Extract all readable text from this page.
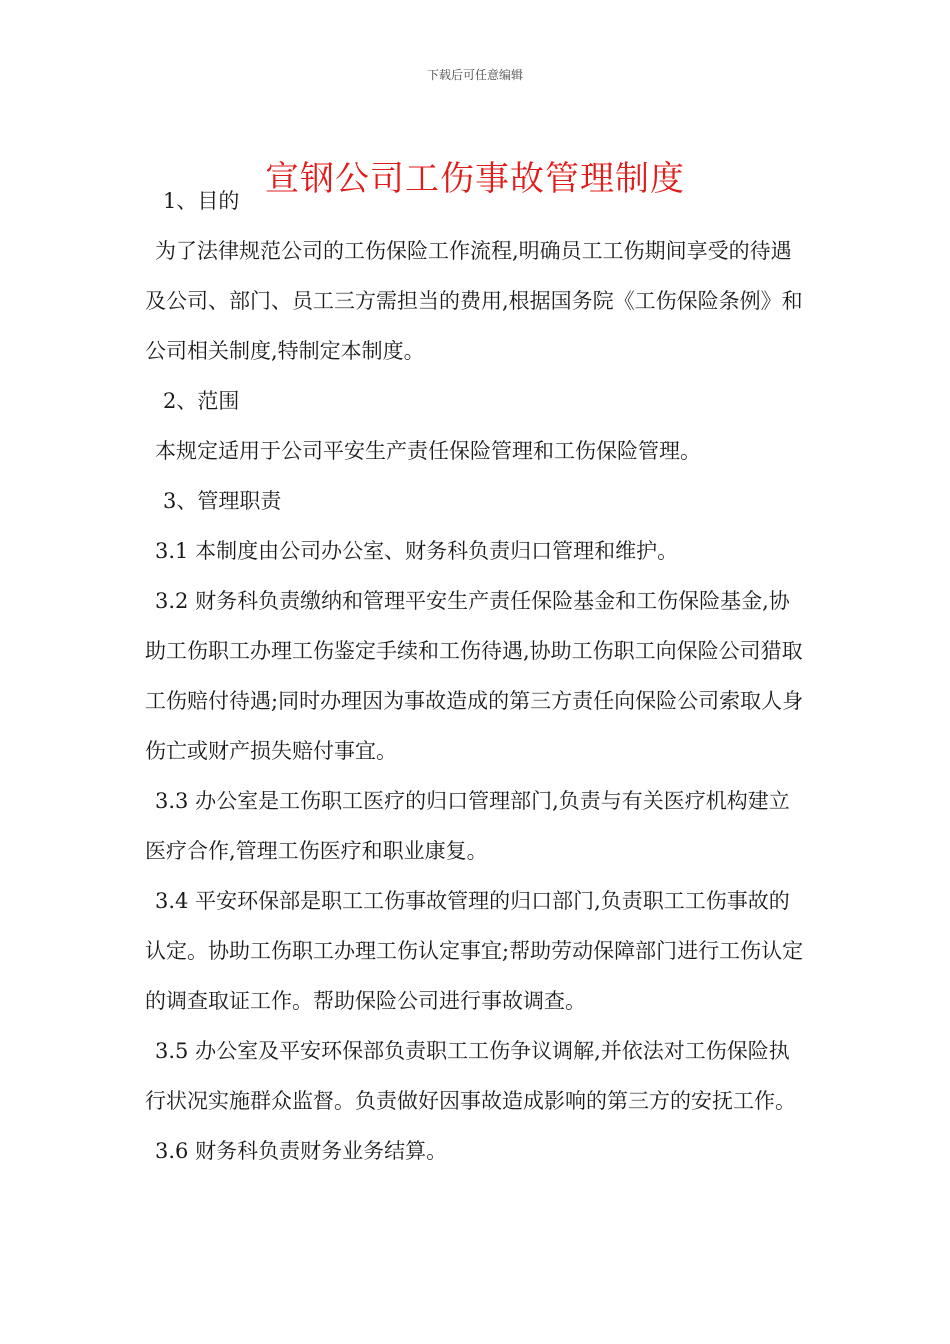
下载后可任意编辑
宣钢公司工伤事故管理制度

1、目的

为了法律规范公司的工伤保险工作流程,明确员工工伤期间享受的待遇及公司、部门、员工三方需担当的费用,根据国务院《工伤保险条例》和公司相关制度,特制定本制度。

2、范围

本规定适用于公司平安生产责任保险管理和工伤保险管理。

3、管理职责

3.1 本制度由公司办公室、财务科负责归口管理和维护。

3.2 财务科负责缴纳和管理平安生产责任保险基金和工伤保险基金,协助工伤职工办理工伤鉴定手续和工伤待遇,协助工伤职工向保险公司猎取工伤赔付待遇;同时办理因为事故造成的第三方责任向保险公司索取人身伤亡或财产损失赔付事宜。

3.3 办公室是工伤职工医疗的归口管理部门,负责与有关医疗机构建立医疗合作,管理工伤医疗和职业康复。

3.4 平安环保部是职工工伤事故管理的归口部门,负责职工工伤事故的认定。协助工伤职工办理工伤认定事宜;帮助劳动保障部门进行工伤认定的调查取证工作。帮助保险公司进行事故调查。

3.5 办公室及平安环保部负责职工工伤争议调解,并依法对工伤保险执行状况实施群众监督。负责做好因事故造成影响的第三方的安抚工作。

3.6 财务科负责财务业务结算。
